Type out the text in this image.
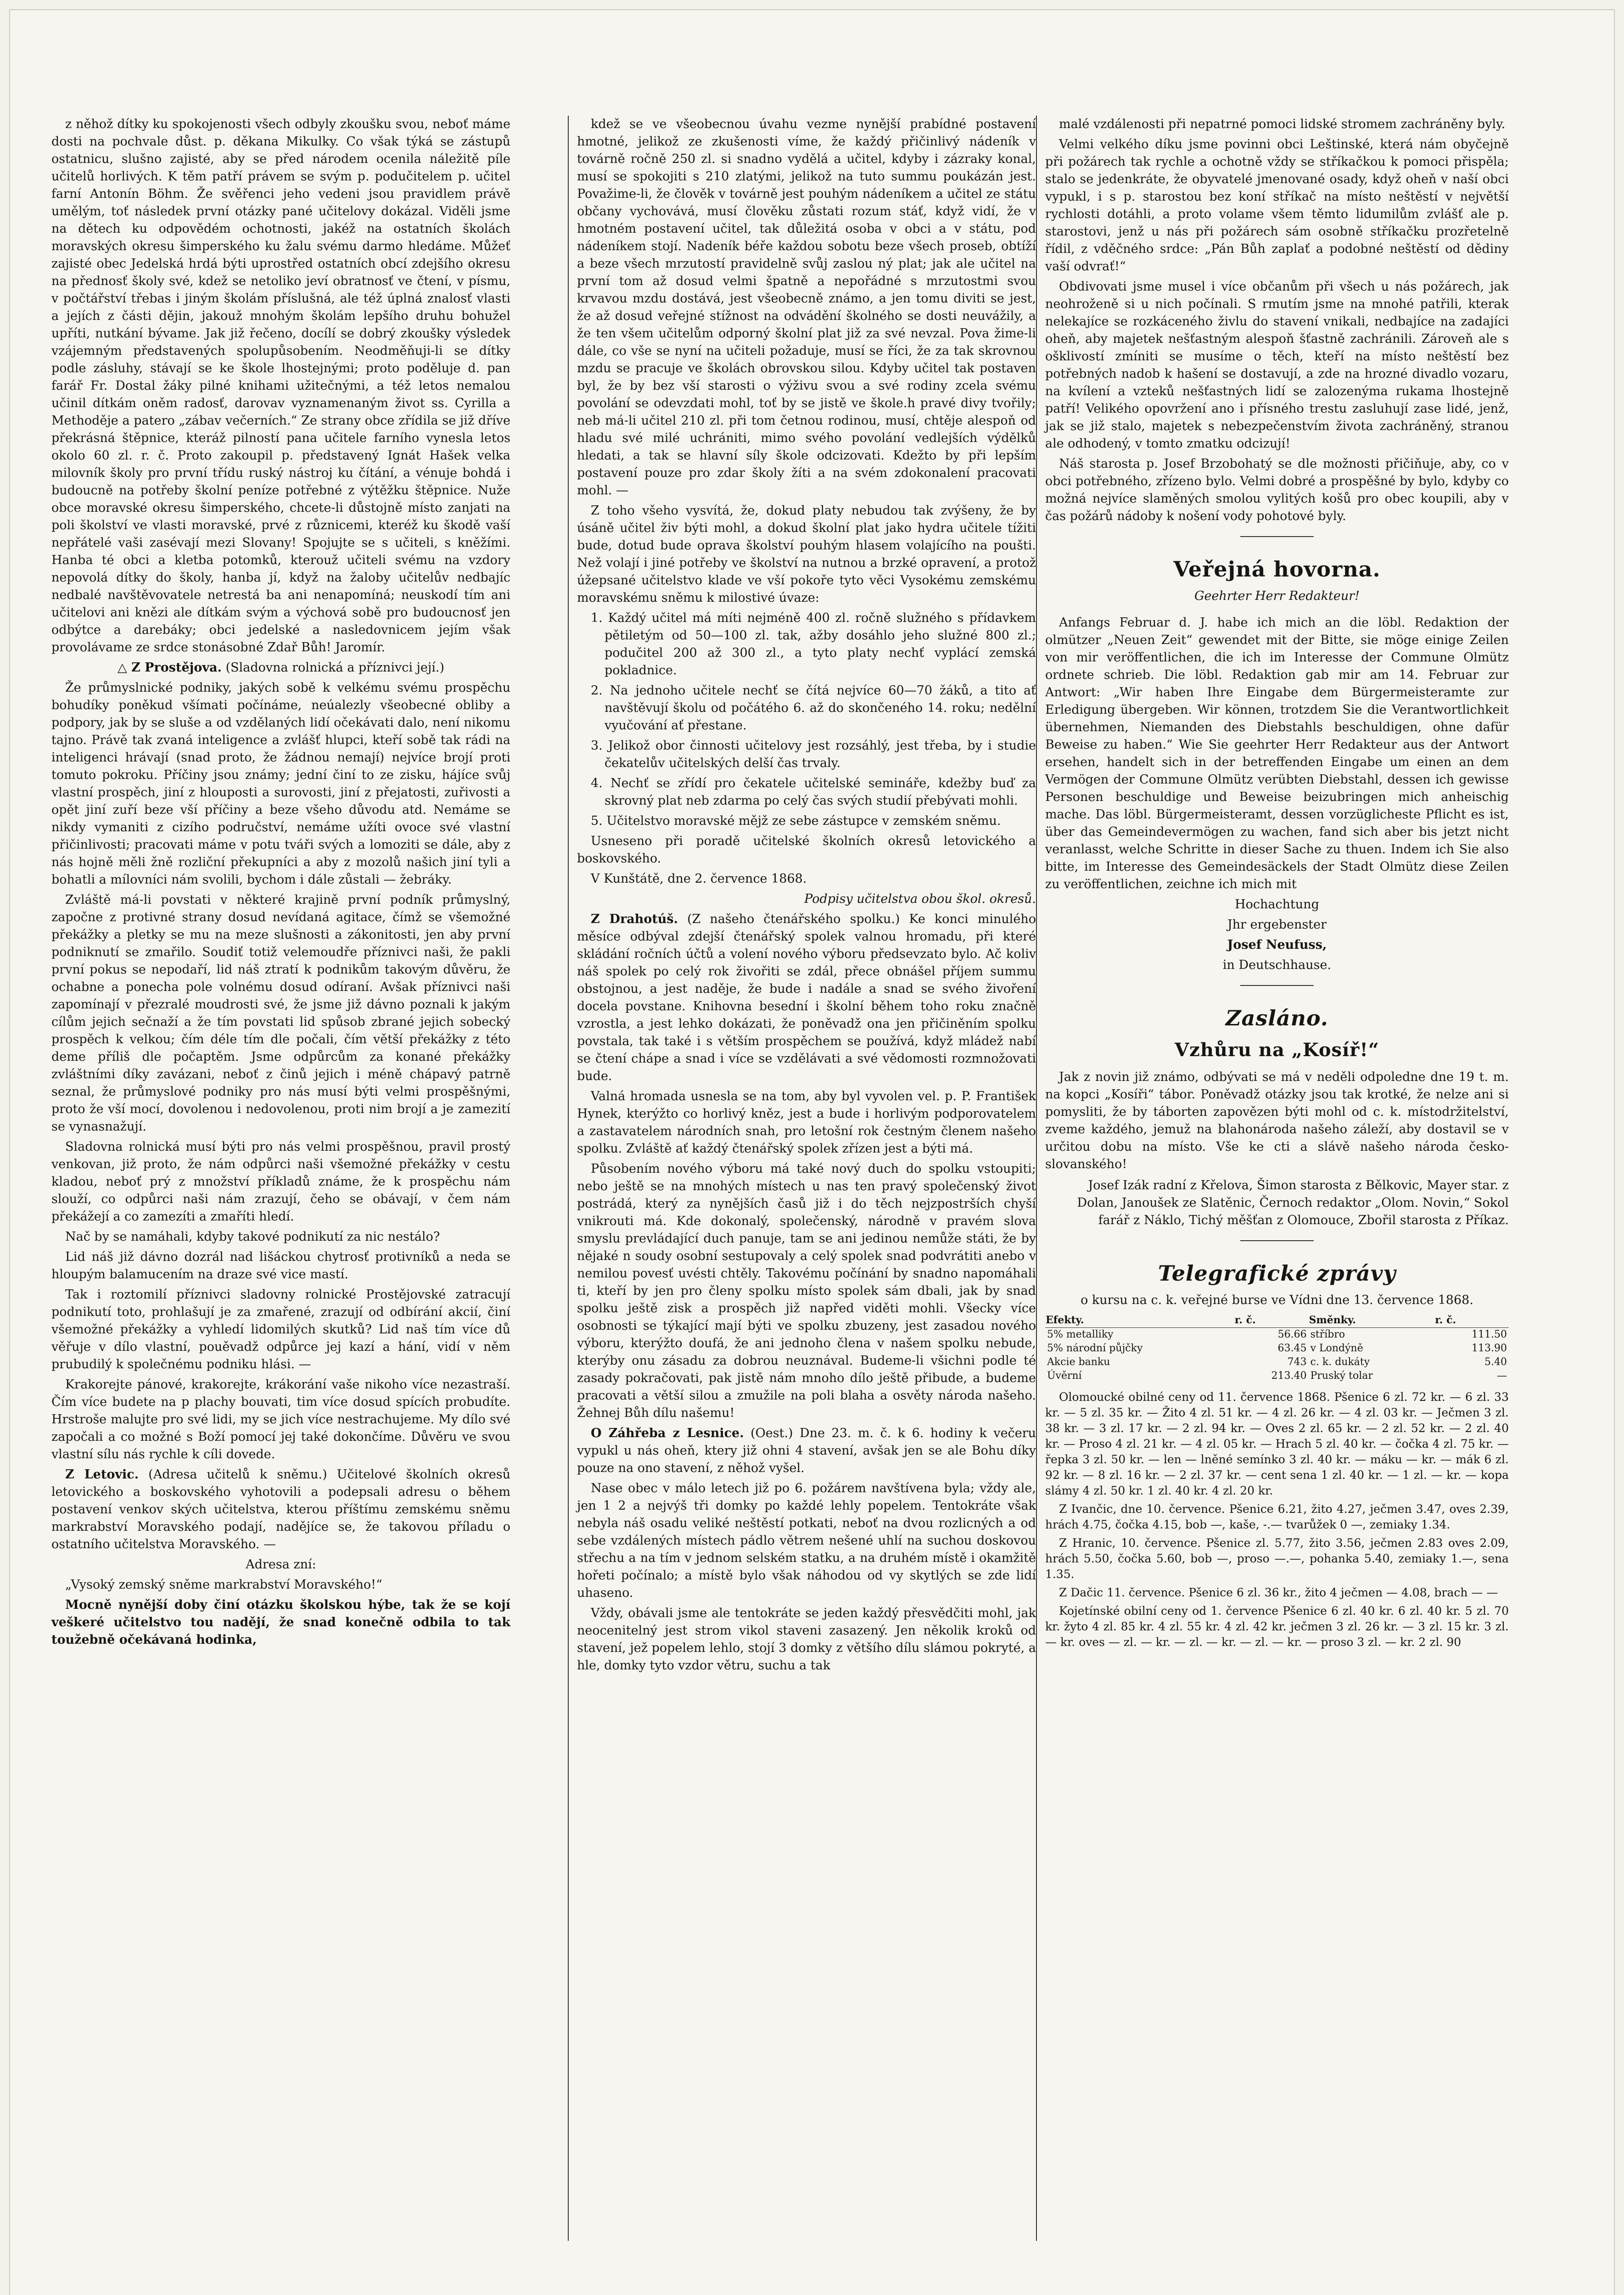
z něhož dítky ku spokojenosti všech odbyly zkoušku svou, neboť máme dosti na pochvale důst. p. děkana Mikulky. Co však týká se zástupů ostatnicu, slušno zajisté, aby se před národem ocenila náležitě píle učitelů horlivých. K těm patří právem se svým p. podučitelem p. učitel farní Antonín Böhm. Že svěřenci jeho vedeni jsou pravidlem právě umělým, toť následek první otázky pané učitelovy dokázal. Viděli jsme na dětech ku odpovědém ochotnosti, jakéž na ostatních školách moravských okresu šimperského ku žalu svému darmo hledáme. Můžeť zajisté obec Jedelská hrdá býti uprostřed ostatních obcí zdejšího okresu na přednosť školy své, kdež se netoliko jeví obratnosť ve čtení, v písmu, v počtářství třebas i jiným školám příslušná, ale též úplná znalosť vlasti a jejích z části dějin, jakouž mnohým školám lepšího druhu bohužel upříti, nutkání bývame. Jak již řečeno, docílí se dobrý zkoušky výsledek vzájemným představených spolupůsobením. Neodměňuji-li se dítky podle zásluhy, stávají se ke škole lhostejnými; proto poděluje d. pan farář Fr. Dostal žáky pilné knihami užitečnými, a též letos nemalou učinil dítkám oněm radosť, darovav vyznamenaným život ss. Cyrilla a Methoděje a patero „zábav večerních.“ Ze strany obce zřídila se již dříve překrásná štěpnice, kteráž pilností pana učitele farního vynesla letos okolo 60 zl. r. č. Proto zakoupil p. představený Ignát Hašek velka milovník školy pro první třídu ruský nástroj ku čítání, a vénuje bohdá i budoucně na potřeby školní peníze potřebné z výtěžku štěpnice. Nuže obce moravské okresu šimperského, chcete-li důstojně místo zanjati na poli školství ve vlasti moravské, prvé z různicemi, kteréž ku škodě vaší nepřátelé vaši zasévají mezi Slovany! Spojujte se s učiteli, s kněžími. Hanba té obci a kletba potomků, kterouž učiteli svému na vzdory nepovolá dítky do školy, hanba jí, když na žaloby učitelův nedbajíc nedbalé navštěvovatele netrestá ba ani nenapomíná; neuskodí tím ani učitelovi ani knězi ale dítkám svým a výchová sobě pro budoucnosť jen odbýtce a darebáky; obci jedelské a nasledovnicem jejím však provolávame ze srdce stonásobné Zdař Bůh! Jaromír.

△ Z Prostějova. (Sladovna rolnická a příznivci její.)

Že průmyslnické podniky, jakých sobě k velkému svému prospěchu bohudíky poněkud všímati počínáme, neúalezly všeobecné obliby a podpory, jak by se sluše a od vzdělaných lidí očekávati dalo, není nikomu tajno. Právě tak zvaná inteligence a zvlášť hlupci, kteří sobě tak rádi na inteligenci hrávají (snad proto, že žádnou nemají) nejvíce brojí proti tomuto pokroku. Příčiny jsou známy; jední činí to ze zisku, hájíce svůj vlastní prospěch, jiní z hlouposti a surovosti, jiní z přejatosti, zuřivosti a opět jiní zuří beze vší příčiny a beze všeho důvodu atd. Nemáme se nikdy vymaniti z cizího područství, nemáme užíti ovoce své vlastní přičinlivosti; pracovati máme v potu tváři svých a lomoziti se dále, aby z nás hojně měli žně rozliční překupníci a aby z mozolů našich jiní tyli a bohatli a mílovníci nám svolili, bychom i dále zůstali — žebráky.

Zvláště má-li povstati v některé krajině první podník průmyslný, započne z protivné strany dosud nevídaná agitace, čímž se všemožné překážky a pletky se mu na meze slušnosti a zákonitosti, jen aby první podniknutí se zmařilo. Soudiť totiž velemoudře příznivci naši, že pakli první pokus se nepodaří, lid náš ztratí k podnikům takovým důvěru, že ochabne a ponecha pole volnému dosud odíraní. Avšak příznivci naši zapomínají v přezralé moudrosti své, že jsme již dávno poznali k jakým cílům jejich sečnaží a že tím povstati lid spůsob zbrané jejich sobecký prospěch k velkou; čím déle tím dle počali, čím větší překážky z této deme příliš dle počaptěm. Jsme odpůrcům za konané překážky zvláštními díky zavázani, neboť z činů jejich i méně chápavý patrně seznal, že průmyslové podniky pro nás musí býti velmi prospěšnými, proto že vší mocí, dovolenou i nedovolenou, proti nim brojí a je zamezití se vynasnažují.

Sladovna rolnická musí býti pro nás velmi prospěšnou, pravil prostý venkovan, již proto, že nám odpůrci naši všemožné překážky v cestu kladou, neboť prý z množství příkladů známe, že k prospěchu nám slouží, co odpůrci naši nám zrazují, čeho se obávají, v čem nám překážejí a co zamezíti a zmaříti hledí.

Nač by se namáhali, kdyby takové podnikutí za nic nestálo?

Lid náš již dávno dozrál nad lišáckou chytrosť protivníků a neda se hloupým balamucením na draze své vice mastí.

Tak i roztomilí příznivci sladovny rolnické Prostějovské zatracují podnikutí toto, prohlašují je za zmařené, zrazují od odbírání akcií, činí všemožné překážky a vyhledí lidomilých skutků? Lid naš tím více dů věřuje v dílo vlastní, pouěvadž odpůrce jej kazí a hání, vidí v něm prubudilý k společnému podniku hlási. —

Krakorejte pánové, krakorejte, krákorání vaše nikoho více nezastraší. Čím více budete na p plachy bouvati, tim více dosud spících probudíte. Hrstroše malujte pro své lidi, my se jich více nestrachujeme. My dílo své započali a co možné s Boží pomocí jej také dokončíme. Důvěru ve svou vlastní sílu nás rychle k cíli dovede.

Z Letovic. (Adresa učitelů k sněmu.) Učitelové školních okresů letovického a boskovského vyhotovili a podepsali adresu o během postavení venkov ských učitelstva, kterou příštímu zemskému sněmu markrabství Moravského podají, nadějíce se, že takovou příladu o ostatního učitelstva Moravského. —

Adresa zní:

„Vysoký zemský sněme markrabství Moravského!“

Mocně nynější doby činí otázku školskou hýbe, tak že se kojí veškeré učitelstvo tou nadějí, že snad konečně odbila to tak toužebně očekávaná hodinka,

kdež se ve všeobecnou úvahu vezme nynější prabídné postavení hmotné, jelikož ze zkušenosti víme, že každý přičinlivý nádeník v továrně ročně 250 zl. si snadno vydělá a učitel, kdyby i zázraky konal, musí se spokojiti s 210 zlatými, jelikož na tuto summu poukázán jest. Považime-li, že člověk v továrně jest pouhým nádeníkem a učitel ze státu občany vychovává, musí člověku zůstati rozum stáť, když vidí, že v hmotném postavení učitel, tak důležitá osoba v obci a v státu, pod nádeníkem stojí. Nadeník béře každou sobotu beze všech proseb, obtíží a beze všech mrzutostí pravidelně svůj zaslou ný plat; jak ale učitel na první tom až dosud velmi špatně a nepořádné s mrzutostmi svou krvavou mzdu dostává, jest všeobecně známo, a jen tomu diviti se jest, že až dosud veřejné stížnost na odvádění školného se dosti neuvážily, a že ten všem učitelům odporný školní plat již za své nevzal. Pova žime-li dále, co vše se nyní na učiteli požaduje, musí se říci, že za tak skrovnou mzdu se pracuje ve školách obrovskou silou. Kdyby učitel tak postaven byl, že by bez vší starosti o výživu svou a své rodiny zcela svému povolání se odevzdati mohl, toť by se jistě ve škole.h pravé divy tvořily; neb má-li učitel 210 zl. při tom četnou rodinou, musí, chtěje alespoň od hladu své milé uchrániti, mimo svého povolání vedlejších výdělků hledati, a tak se hlavní síly škole odcizovati. Kdežto by při lepším postavení pouze pro zdar školy žíti a na svém zdokonalení pracovati mohl. —

Z toho všeho vysvítá, že, dokud platy nebudou tak zvýšeny, že by úsáně učitel živ býti mohl, a dokud školní plat jako hydra učitele tížiti bude, dotud bude oprava školství pouhým hlasem volajícího na poušti. Než volají i jiné potřeby ve školství na nutnou a brzké opravení, a protož úžepsané učitelstvo klade ve vší pokoře tyto věci Vysokému zemskému moravskému sněmu k milostivé úvaze:

1. Každý učitel má míti nejméně 400 zl. ročně služného s přídavkem pětiletým od 50—100 zl. tak, ažby dosáhlo jeho služné 800 zl.; podučitel 200 až 300 zl., a tyto platy nechť vyplácí zemská pokladnice.

2. Na jednoho učitele nechť se čítá nejvíce 60—70 žáků, a tito ať navštěvují školu od počátého 6. až do skončeného 14. roku; nedělní vyučování ať přestane.

3. Jelikož obor činnosti učitelovy jest rozsáhlý, jest třeba, by i studie čekatelův učitelských delší čas trvaly.

4. Nechť se zřídí pro čekatele učitelské semináře, kdežby buď za skrovný plat neb zdarma po celý čas svých studií přebývati mohli.

5. Učitelstvo moravské mějž ze sebe zástupce v zemském sněmu.

Usneseno při poradě učitelské školních okresů letovického a boskovského.

V Kunštátě, dne 2. července 1868.

Podpisy učitelstva obou škol. okresů.

Z Drahotúš. (Z našeho čtenářského spolku.) Ke konci minulého měsíce odbýval zdejší čtenářský spolek valnou hromadu, při které skládání ročních účtů a volení nového výboru předsevzato bylo. Ač koliv náš spolek po celý rok živořiti se zdál, přece obnášel příjem summu obstojnou, a jest naděje, že bude i nadále a snad se svého živoření docela povstane. Knihovna besední i školní během toho roku značně vzrostla, a jest lehko dokázati, že poněvadž ona jen přičiněním spolku povstala, tak také i s větším prospěchem se používá, když mládež nabí se čtení chápe a snad i více se vzdělávati a své vědomosti rozmnožovati bude.

Valná hromada usnesla se na tom, aby byl vyvolen vel. p. P. František Hynek, kterýžto co horlivý kněz, jest a bude i horlivým podporovatelem a zastavatelem národních snah, pro letošní rok čestným členem našeho spolku. Zvláště ať každý čtenářský spolek zřízen jest a býti má.

Působením nového výboru má také nový duch do spolku vstoupiti; nebo ještě se na mnohých místech u nas ten pravý společenský život postrádá, který za nynějších časů již i do těch nejzpostrších chyší vnikrouti má. Kde dokonalý, společenský, národně v pravém slova smyslu prevládající duch panuje, tam se ani jedinou nemůže státi, že by nějaké n soudy osobní sestupovaly a celý spolek snad podvrátiti anebo v nemilou povesť uvésti chtěly. Takovému počínání by snadno napomáhali ti, kteří by jen pro členy spolku místo spolek sám dbali, jak by snad spolku ještě zisk a prospěch již napřed viděti mohli. Všecky více osobnosti se týkající mají býti ve spolku zbuzeny, jest zasadou nového výboru, kterýžto doufá, že ani jednoho člena v našem spolku nebude, kterýby onu zásadu za dobrou neuznával. Budeme-li všichni podle té zasady pokračovati, pak jistě nám mnoho dílo ještě přibude, a budeme pracovati a větší silou a zmužile na poli blaha a osvěty národa našeho. Žehnej Bůh dílu našemu!

O Záhřeba z Lesnice. (Oest.) Dne 23. m. č. k 6. hodiny k večeru vypukl u nás oheň, ktery již ohni 4 stavení, avšak jen se ale Bohu díky pouze na ono stavení, z něhož vyšel.

Nase obec v málo letech již po 6. požárem navštívena byla; vždy ale, jen 1 2 a nejvýš tři domky po každé lehly popelem. Tentokráte však nebyla náš osadu veliké neštěstí potkati, neboť na dvou rozlicných a od sebe vzdálených místech pádlo větrem nešené uhlí na suchou doskovou střechu a na tím v jednom selském statku, a na druhém místě i okamžitě hořeti počínalo; a místě bylo však náhodou od vy skytlých se zde lidí uhaseno.

Vždy, obávali jsme ale tentokráte se jeden každý přesvědčiti mohl, jak neocenitelný jest strom vikol staveni zasazený. Jen několik kroků od stavení, jež popelem lehlo, stojí 3 domky z většího dílu slámou pokryté, a hle, domky tyto vzdor větru, suchu a tak

malé vzdálenosti při nepatrné pomoci lidské stromem zachráněny byly.

Velmi velkého díku jsme povinni obci Leštinské, která nám obyčejně při požárech tak rychle a ochotně vždy se stříkačkou k pomoci přispěla; stalo se jedenkráte, že obyvatelé jmenované osady, když oheň v naší obci vypukl, i s p. starostou bez koní stříkač na místo neštěstí v největší rychlosti dotáhli, a proto volame všem těmto lidumilům zvlášť ale p. starostovi, jenž u nás při požárech sám osobně stříkačku prozřetelně řídil, z vděčného srdce: „Pán Bůh zaplať a podobné neštěstí od dědiny vaší odvrať!“

Obdivovati jsme musel i více občanům při všech u nás požárech, jak neohroženě si u nich počínali. S rmutím jsme na mnohé patřili, kterak nelekajíce se rozkáceného živlu do stavení vnikali, nedbajíce na zadajíci oheň, aby majetek nešťastným alespoň šťastně zachránili. Zároveň ale s ošklivostí zmíniti se musíme o těch, kteří na místo neštěstí bez potřebných nadob k hašení se dostavují, a zde na hrozné divadlo vozaru, na kvílení a vzteků nešťastných lidí se zalozenýma rukama lhostejně patří! Velikého opovržení ano i přísného trestu zasluhují zase lidé, jenž, jak se již stalo, majetek s nebezpečenstvím života zachráněný, stranou ale odhodený, v tomto zmatku odcizují!

Náš starosta p. Josef Brzobohatý se dle možnosti přičiňuje, aby, co v obci potřebného, zřízeno bylo. Velmi dobré a prospěšné by bylo, kdyby co možná nejvíce slaměných smolou vylitých košů pro obec koupili, aby v čas požárů nádoby k nošení vody pohotové byly.

Veřejná hovorna.
Geehrter Herr Redakteur!

Anfangs Februar d. J. habe ich mich an die löbl. Redaktion der olmützer „Neuen Zeit“ gewendet mit der Bitte, sie möge einige Zeilen von mir veröffentlichen, die ich im Interesse der Commune Olmütz ordnete schrieb. Die löbl. Redaktion gab mir am 14. Februar zur Antwort: „Wir haben Ihre Eingabe dem Bürgermeisteramte zur Erledigung übergeben. Wir können, trotzdem Sie die Verantwortlichkeit übernehmen, Niemanden des Diebstahls beschuldigen, ohne dafür Beweise zu haben.“ Wie Sie geehrter Herr Redakteur aus der Antwort ersehen, handelt sich in der betreffenden Eingabe um einen an dem Vermögen der Commune Olmütz verübten Diebstahl, dessen ich gewisse Personen beschuldige und Beweise beizubringen mich anheischig mache. Das löbl. Bürgermeisteramt, dessen vorzüglicheste Pflicht es ist, über das Gemeindevermögen zu wachen, fand sich aber bis jetzt nicht veranlasst, welche Schritte in dieser Sache zu thuen. Indem ich Sie also bitte, im Interesse des Gemeindesäckels der Stadt Olmütz diese Zeilen zu veröffentlichen, zeichne ich mich mit

Hochachtung

Jhr ergebenster

Josef Neufuss,

in Deutschhause.

Zasláno.
Vzhůru na „Kosíř!“

Jak z novin již známo, odbývati se má v neděli odpoledne dne 19 t. m. na kopci „Kosíři“ tábor. Poněvadž otázky jsou tak krotké, že nelze ani si pomysliti, že by táborten zapovězen býti mohl od c. k. místodržitelství, zveme každého, jemuž na blahonároda našeho záleží, aby dostavil se v určitou dobu na místo. Vše ke cti a slávě našeho národa česko-slovanského!

Josef Izák radní z Křelova, Šimon starosta z Bělkovic, Mayer star. z Dolan, Janoušek ze Slatěnic, Černoch redaktor „Olom. Novin,“ Sokol farář z Náklo, Tichý měšťan z Olomouce, Zbořil starosta z Příkaz.

Telegrafické zprávy

o kursu na c. k. veřejné burse ve Vídni dne 13. července 1868.

Efekty.	r. č.	Směnky.	r. č.
5% metalliky	56.66	stříbro	111.50
5% národní půjčky	63.45	v Londýně	113.90
Akcie banku	743	c. k. dukáty	5.40
Úvěrní	213.40	Pruský tolar	—

Olomoucké obilné ceny od 11. července 1868. Pšenice 6 zl. 72 kr. — 6 zl. 33 kr. — 5 zl. 35 kr. — Žito 4 zl. 51 kr. — 4 zl. 26 kr. — 4 zl. 03 kr. — Ječmen 3 zl. 38 kr. — 3 zl. 17 kr. — 2 zl. 94 kr. — Oves 2 zl. 65 kr. — 2 zl. 52 kr. — 2 zl. 40 kr. — Proso 4 zl. 21 kr. — 4 zl. 05 kr. — Hrach 5 zl. 40 kr. — čočka 4 zl. 75 kr. — řepka 3 zl. 50 kr. — len — lněné semínko 3 zl. 40 kr. — máku — kr. — mák 6 zl. 92 kr. — 8 zl. 16 kr. — 2 zl. 37 kr. — cent sena 1 zl. 40 kr. — 1 zl. — kr. — kopa slámy 4 zl. 50 kr. 1 zl. 40 kr. 4 zl. 20 kr.

Z Ivančic, dne 10. července. Pšenice 6.21, žito 4.27, ječmen 3.47, oves 2.39, hrách 4.75, čočka 4.15, bob —, kaše, -.— tvarůžek 0 —, zemiaky 1.34.

Z Hranic, 10. července. Pšenice zl. 5.77, žito 3.56, ječmen 2.83 oves 2.09, hrách 5.50, čočka 5.60, bob —, proso —.—, pohanka 5.40, zemiaky 1.—, sena 1.35.

Z Dačic 11. července. Pšenice 6 zl. 36 kr., žito 4 ječmen — 4.08, brach — —

Kojetínské obilní ceny od 1. července Pšenice 6 zl. 40 kr. 6 zl. 40 kr. 5 zl. 70 kr. žyto 4 zl. 85 kr. 4 zl. 55 kr. 4 zl. 42 kr. ječmen 3 zl. 26 kr. — 3 zl. 15 kr. 3 zl. — kr. oves — zl. — kr. — zl. — kr. — zl. — kr. — proso 3 zl. — kr. 2 zl. 90
